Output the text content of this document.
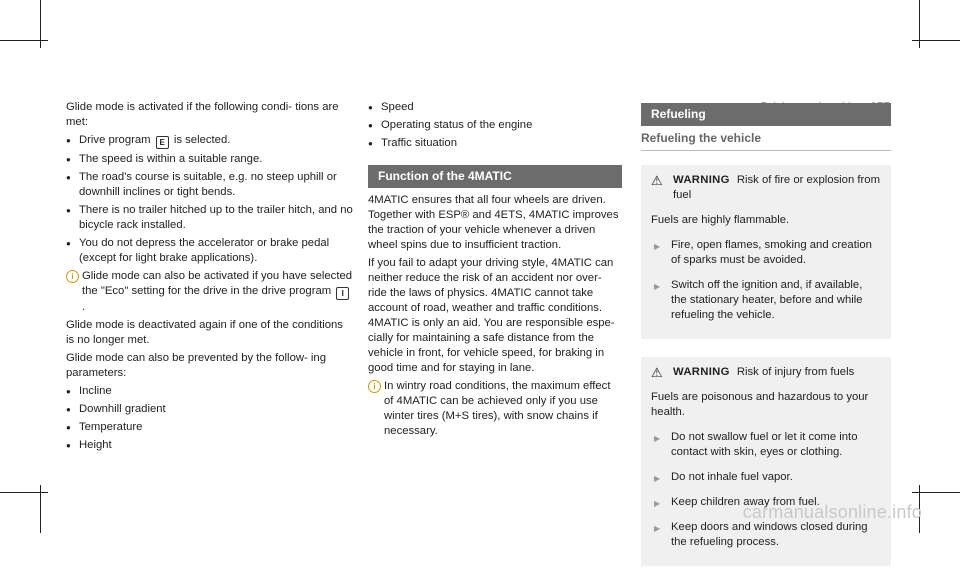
Glide mode is activated if the following condi- tions are met:

● Drive program E is selected.
● The speed is within a suitable range.
● The road's course is suitable, e.g. no steep uphill or downhill inclines or tight bends.
● There is no trailer hitched up to the trailer hitch, and no bicycle rack installed.
● You do not depress the accelerator or brake pedal (except for light brake applications).
i Glide mode can also be activated if you have selected the "Eco" setting for the drive in the drive program I.

Glide mode is deactivated again if one of the conditions is no longer met.

Glide mode can also be prevented by the follow- ing parameters:

● Incline
● Downhill gradient
● Temperature
● Height
● Speed
● Operating status of the engine
● Traffic situation
Function of the 4MATIC

4MATIC ensures that all four wheels are driven. Together with ESP® and 4ETS, 4MATIC improves the traction of your vehicle whenever a driven wheel spins due to insufficient traction.

If you fail to adapt your driving style, 4MATIC can neither reduce the risk of an accident nor over- ride the laws of physics. 4MATIC cannot take account of road, weather and traffic conditions. 4MATIC is only an aid. You are responsible espe- cially for maintaining a safe distance from the vehicle in front, for vehicle speed, for braking in good time and for staying in lane.

i In wintry road conditions, the maximum effect of 4MATIC can be achieved only if you use winter tires (M+S tires), with snow chains if necessary.
Refueling
Refueling the vehicle
⚠ WARNING Risk of fire or explosion from fuel

Fuels are highly flammable.

▶ Fire, open flames, smoking and creation of sparks must be avoided.
▶ Switch off the ignition and, if available, the stationary heater, before and while refueling the vehicle.
⚠ WARNING Risk of injury from fuels

Fuels are poisonous and hazardous to your health.

▶ Do not swallow fuel or let it come into contact with skin, eyes or clothing.
▶ Do not inhale fuel vapor.
▶ Keep children away from fuel.
▶ Keep doors and windows closed during the refueling process.
carmanualsonline.info
